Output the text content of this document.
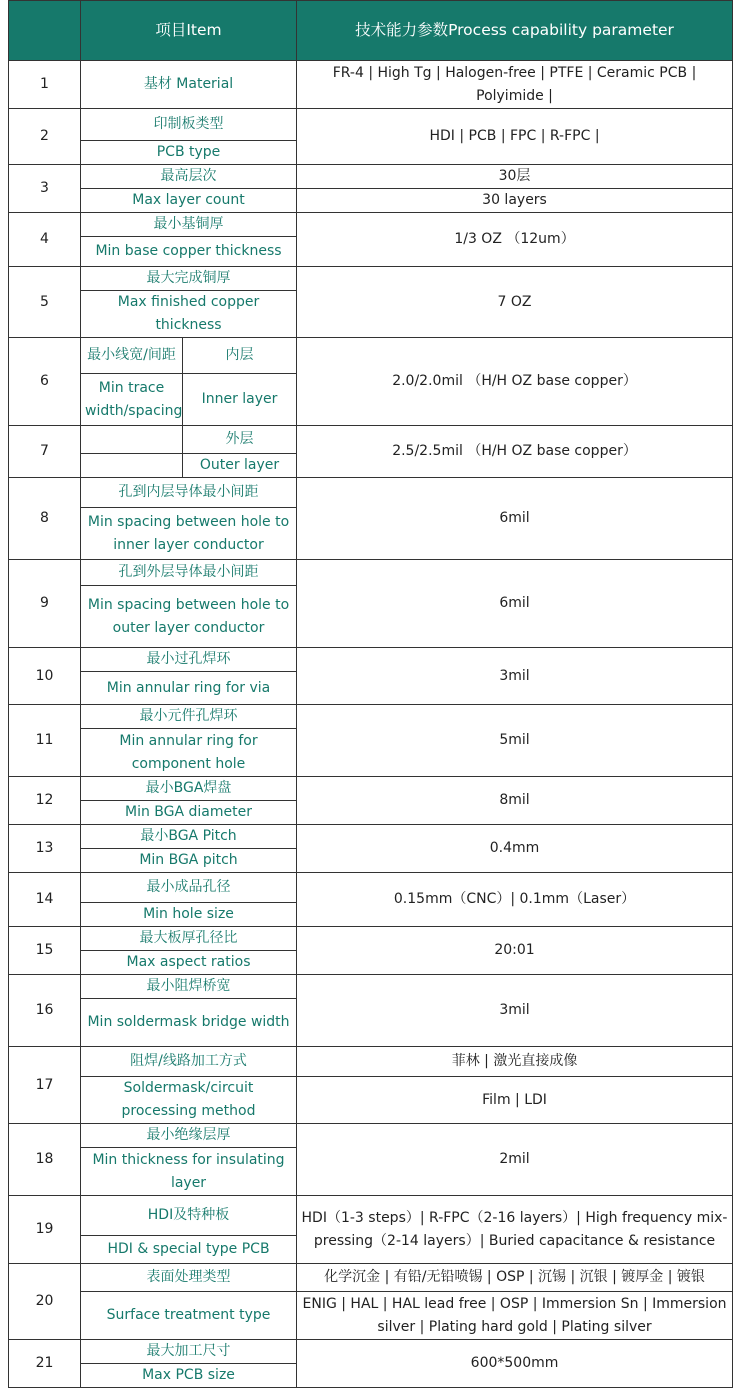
	项目Item		技术能力参数Process capability parameter
1	基材 Material		FR-4 | High Tg | Halogen-free | PTFE | Ceramic PCB | Polyimide |
2	印制板类型		HDI | PCB | FPC | R-FPC |
	PCB type		
3	最高层次		30层
	Max layer count		30 layers
4	最小基铜厚		1/3 OZ （12um）
	Min base copper thickness		
5	最大完成铜厚		7 OZ
	Max finished copper thickness		
6	最小线宽/间距	内层	2.0/2.0mil （H/H OZ base copper）
	Min trace width/spacing	Inner layer	
7		外层	2.5/2.5mil （H/H OZ base copper）
		Outer layer	
8	孔到内层导体最小间距		6mil
	Min spacing between hole to inner layer conductor		
9	孔到外层导体最小间距		6mil
	Min spacing between hole to outer layer conductor		
10	最小过孔焊环		3mil
	Min annular ring for via		
11	最小元件孔焊环		5mil
	Min annular ring for component hole		
12	最小BGA焊盘		8mil
	Min BGA diameter		
13	最小BGA Pitch		0.4mm
	Min BGA pitch		
14	最小成品孔径		0.15mm（CNC）| 0.1mm（Laser）
	Min hole size		
15	最大板厚孔径比		20:01
	Max aspect ratios		
16	最小阻焊桥宽		3mil
	Min soldermask bridge width		
17	阻焊/线路加工方式		菲林 | 激光直接成像
	Soldermask/circuit processing method		Film | LDI
18	最小绝缘层厚		2mil
	Min thickness for insulating layer		
19	HDI及特种板		HDI（1-3 steps）| R-FPC（2-16 layers）| High frequency mix-pressing（2-14 layers）| Buried capacitance & resistance
	HDI & special type PCB		
20	表面处理类型		化学沉金 | 有铅/无铅喷锡 | OSP | 沉锡 | 沉银 | 镀厚金 | 镀银
	Surface treatment type		ENIG | HAL | HAL lead free | OSP | Immersion Sn | Immersion silver | Plating hard gold | Plating silver
21	最大加工尺寸		600*500mm
	Max PCB size		
